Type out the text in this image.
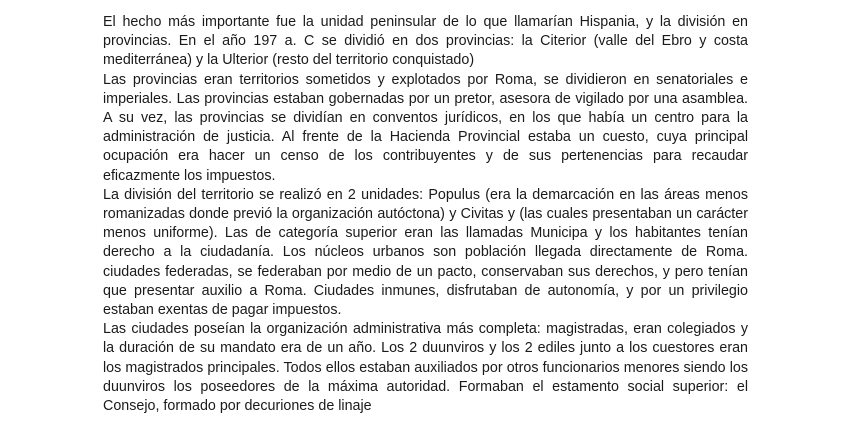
El hecho más importante fue la unidad peninsular de lo que llamarían Hispania, y la división en provincias. En el año 197 a. C se dividió en dos provincias: la Citerior (valle del Ebro y costa mediterránea) y la Ulterior (resto del territorio conquistado)

Las provincias eran territorios sometidos y explotados por Roma, se dividieron en senatoriales e imperiales. Las provincias estaban gobernadas por un pretor, asesora de vigilado por una asamblea. A su vez, las provincias se dividían en conventos jurídicos, en los que había un centro para la administración de justicia. Al frente de la Hacienda Provincial estaba un cuesto, cuya principal ocupación era hacer un censo de los contribuyentes y de sus pertenencias para recaudar eficazmente los impuestos.

La división del territorio se realizó en 2 unidades: Populus (era la demarcación en las áreas menos romanizadas donde previó la organización autóctona) y Civitas y (las cuales presentaban un carácter menos uniforme). Las de categoría superior eran las llamadas Municipa y los habitantes tenían derecho a la ciudadanía. Los núcleos urbanos son población llegada directamente de Roma. ciudades federadas, se federaban por medio de un pacto, conservaban sus derechos, y pero tenían que presentar auxilio a Roma. Ciudades inmunes, disfrutaban de autonomía, y por un privilegio estaban exentas de pagar impuestos.

Las ciudades poseían la organización administrativa más completa: magistradas, eran colegiados y la duración de su mandato era de un año. Los 2 duunviros y los 2 ediles junto a los cuestores eran los magistrados principales. Todos ellos estaban auxiliados por otros funcionarios menores siendo los duunviros los poseedores de la máxima autoridad. Formaban el estamento social superior: el Consejo, formado por decuriones de linaje
